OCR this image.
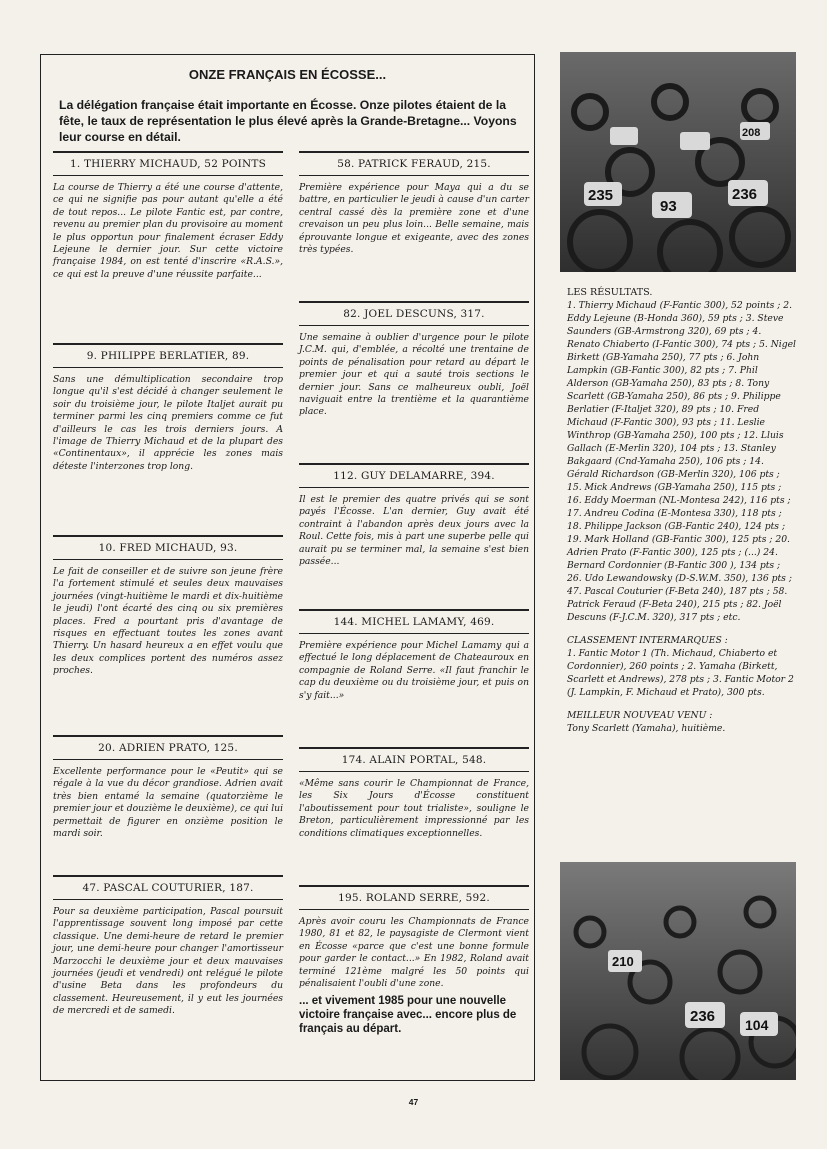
235
93
236
208
210
236 104
ONZE FRANÇAIS EN ÉCOSSE...
La délégation française était importante en Écosse. Onze pilotes étaient de la fête, le taux de représentation le plus élevé après la Grande-Bretagne... Voyons leur course en détail.
1. THIERRY MICHAUD, 52 POINTS
La course de Thierry a été une course d'attente, ce qui ne signifie pas pour autant qu'elle a été de tout repos... Le pilote Fantic est, par contre, revenu au premier plan du provisoire au moment le plus opportun pour finalement écraser Eddy Lejeune le dernier jour. Sur cette victoire française 1984, on est tenté d'inscrire «R.A.S.», ce qui est la preuve d'une réussite parfaite...
9. PHILIPPE BERLATIER, 89.
Sans une démultiplication secondaire trop longue qu'il s'est décidé à changer seulement le soir du troisième jour, le pilote Italjet aurait pu terminer parmi les cinq premiers comme ce fut d'ailleurs le cas les trois derniers jours. A l'image de Thierry Michaud et de la plupart des «Continentaux», il apprécie les zones mais déteste l'interzones trop long.
10. FRED MICHAUD, 93.
Le fait de conseiller et de suivre son jeune frère l'a fortement stimulé et seules deux mauvaises journées (vingt-huitième le mardi et dix-huitième le jeudi) l'ont écarté des cinq ou six premières places. Fred a pourtant pris d'avantage de risques en effectuant toutes les zones avant Thierry. Un hasard heureux a en effet voulu que les deux complices portent des numéros assez proches.
20. ADRIEN PRATO, 125.
Excellente performance pour le «Peutit» qui se régale à la vue du décor grandiose. Adrien avait très bien entamé la semaine (quatorzième le premier jour et douzième le deuxième), ce qui lui permettait de figurer en onzième position le mardi soir.
47. PASCAL COUTURIER, 187.
Pour sa deuxième participation, Pascal poursuit l'apprentissage souvent long imposé par cette classique. Une demi-heure de retard le premier jour, une demi-heure pour changer l'amortisseur Marzocchi le deuxième jour et deux mauvaises journées (jeudi et vendredi) ont relégué le pilote d'usine Beta dans les profondeurs du classement. Heureusement, il y eut les journées de mercredi et de samedi.
58. PATRICK FERAUD, 215.
Première expérience pour Maya qui a du se battre, en particulier le jeudi à cause d'un carter central cassé dès la première zone et d'une crevaison un peu plus loin... Belle semaine, mais éprouvante longue et exigeante, avec des zones très typées.
82. JOEL DESCUNS, 317.
Une semaine à oublier d'urgence pour le pilote J.C.M. qui, d'emblée, a récolté une trentaine de points de pénalisation pour retard au départ le premier jour et qui a sauté trois sections le dernier jour. Sans ce malheureux oubli, Joël naviguait entre la trentième et la quarantième place.
112. GUY DELAMARRE, 394.
Il est le premier des quatre privés qui se sont payés l'Écosse. L'an dernier, Guy avait été contraint à l'abandon après deux jours avec la Roul. Cette fois, mis à part une superbe pelle qui aurait pu se terminer mal, la semaine s'est bien passée...
144. MICHEL LAMAMY, 469.
Première expérience pour Michel Lamamy qui a effectué le long déplacement de Chateauroux en compagnie de Roland Serre. «Il faut franchir le cap du deuxième ou du troisième jour, et puis on s'y fait...»
174. ALAIN PORTAL, 548.
«Même sans courir le Championnat de France, les Six Jours d'Écosse constituent l'aboutissement pour tout trialiste», souligne le Breton, particulièrement impressionné par les conditions climatiques exceptionnelles.
195. ROLAND SERRE, 592.
Après avoir couru les Championnats de France 1980, 81 et 82, le paysagiste de Clermont vient en Écosse «parce que c'est une bonne formule pour garder le contact...» En 1982, Roland avait terminé 121ème malgré les 50 points qui pénalisaient l'oubli d'une zone.
... et vivement 1985 pour une nouvelle victoire française avec... encore plus de français au départ.
LES RÉSULTATS.
1. Thierry Michaud (F-Fantic 300), 52 points ; 2. Eddy Lejeune (B-Honda 360), 59 pts ; 3. Steve Saunders (GB-Armstrong 320), 69 pts ; 4. Renato Chiaberto (I-Fantic 300), 74 pts ; 5. Nigel Birkett (GB-Yamaha 250), 77 pts ; 6. John Lampkin (GB-Fantic 300), 82 pts ; 7. Phil Alderson (GB-Yamaha 250), 83 pts ; 8. Tony Scarlett (GB-Yamaha 250), 86 pts ; 9. Philippe Berlatier (F-Italjet 320), 89 pts ; 10. Fred Michaud (F-Fantic 300), 93 pts ; 11. Leslie Winthrop (GB-Yamaha 250), 100 pts ; 12. Lluis Gallach (E-Merlin 320), 104 pts ; 13. Stanley Bakgaard (Cnd-Yamaha 250), 106 pts ; 14. Gérald Richardson (GB-Merlin 320), 106 pts ; 15. Mick Andrews (GB-Yamaha 250), 115 pts ; 16. Eddy Moerman (NL-Montesa 242), 116 pts ; 17. Andreu Codina (E-Montesa 330), 118 pts ; 18. Philippe Jackson (GB-Fantic 240), 124 pts ; 19. Mark Holland (GB-Fantic 300), 125 pts ; 20. Adrien Prato (F-Fantic 300), 125 pts ; (...) 24. Bernard Cordonnier (B-Fantic 300 ), 134 pts ; 26. Udo Lewandowsky (D-S.W.M. 350), 136 pts ; 47. Pascal Couturier (F-Beta 240), 187 pts ; 58. Patrick Feraud (F-Beta 240), 215 pts ; 82. Joël Descuns (F-J.C.M. 320), 317 pts ; etc.
CLASSEMENT INTERMARQUES :
1. Fantic Motor 1 (Th. Michaud, Chiaberto et Cordonnier), 260 points ; 2. Yamaha (Birkett, Scarlett et Andrews), 278 pts ; 3. Fantic Motor 2 (J. Lampkin, F. Michaud et Prato), 300 pts.
MEILLEUR NOUVEAU VENU :
Tony Scarlett (Yamaha), huitième.
47
